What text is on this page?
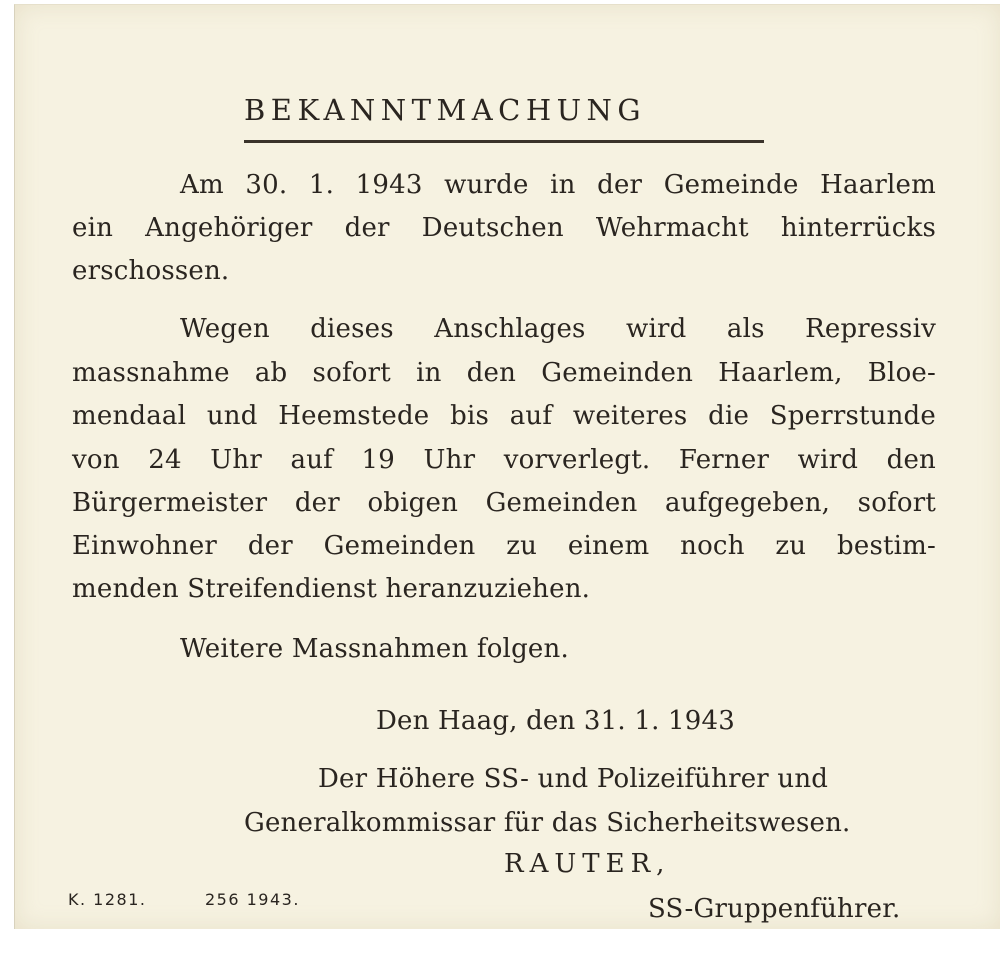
BEKANNTMACHUNG
Am 30. 1. 1943 wurde in der Gemeinde Haarlem
ein Angehöriger der Deutschen Wehrmacht hinterrücks
erschossen.
Wegen dieses Anschlages wird als Repressiv
massnahme ab sofort in den Gemeinden Haarlem, Bloe-
mendaal und Heemstede bis auf weiteres die Sperrstunde
von 24 Uhr auf 19 Uhr vorverlegt. Ferner wird den
Bürgermeister der obigen Gemeinden aufgegeben, sofort
Einwohner der Gemeinden zu einem noch zu bestim-
menden Streifendienst heranzuziehen.
Weitere Massnahmen folgen.
Den Haag, den 31. 1. 1943
Der Höhere SS- und Polizeiführer und
Generalkommissar für das Sicherheitswesen.
RAUTER,
SS-Gruppenführer.
K. 1281.	256 1943.
